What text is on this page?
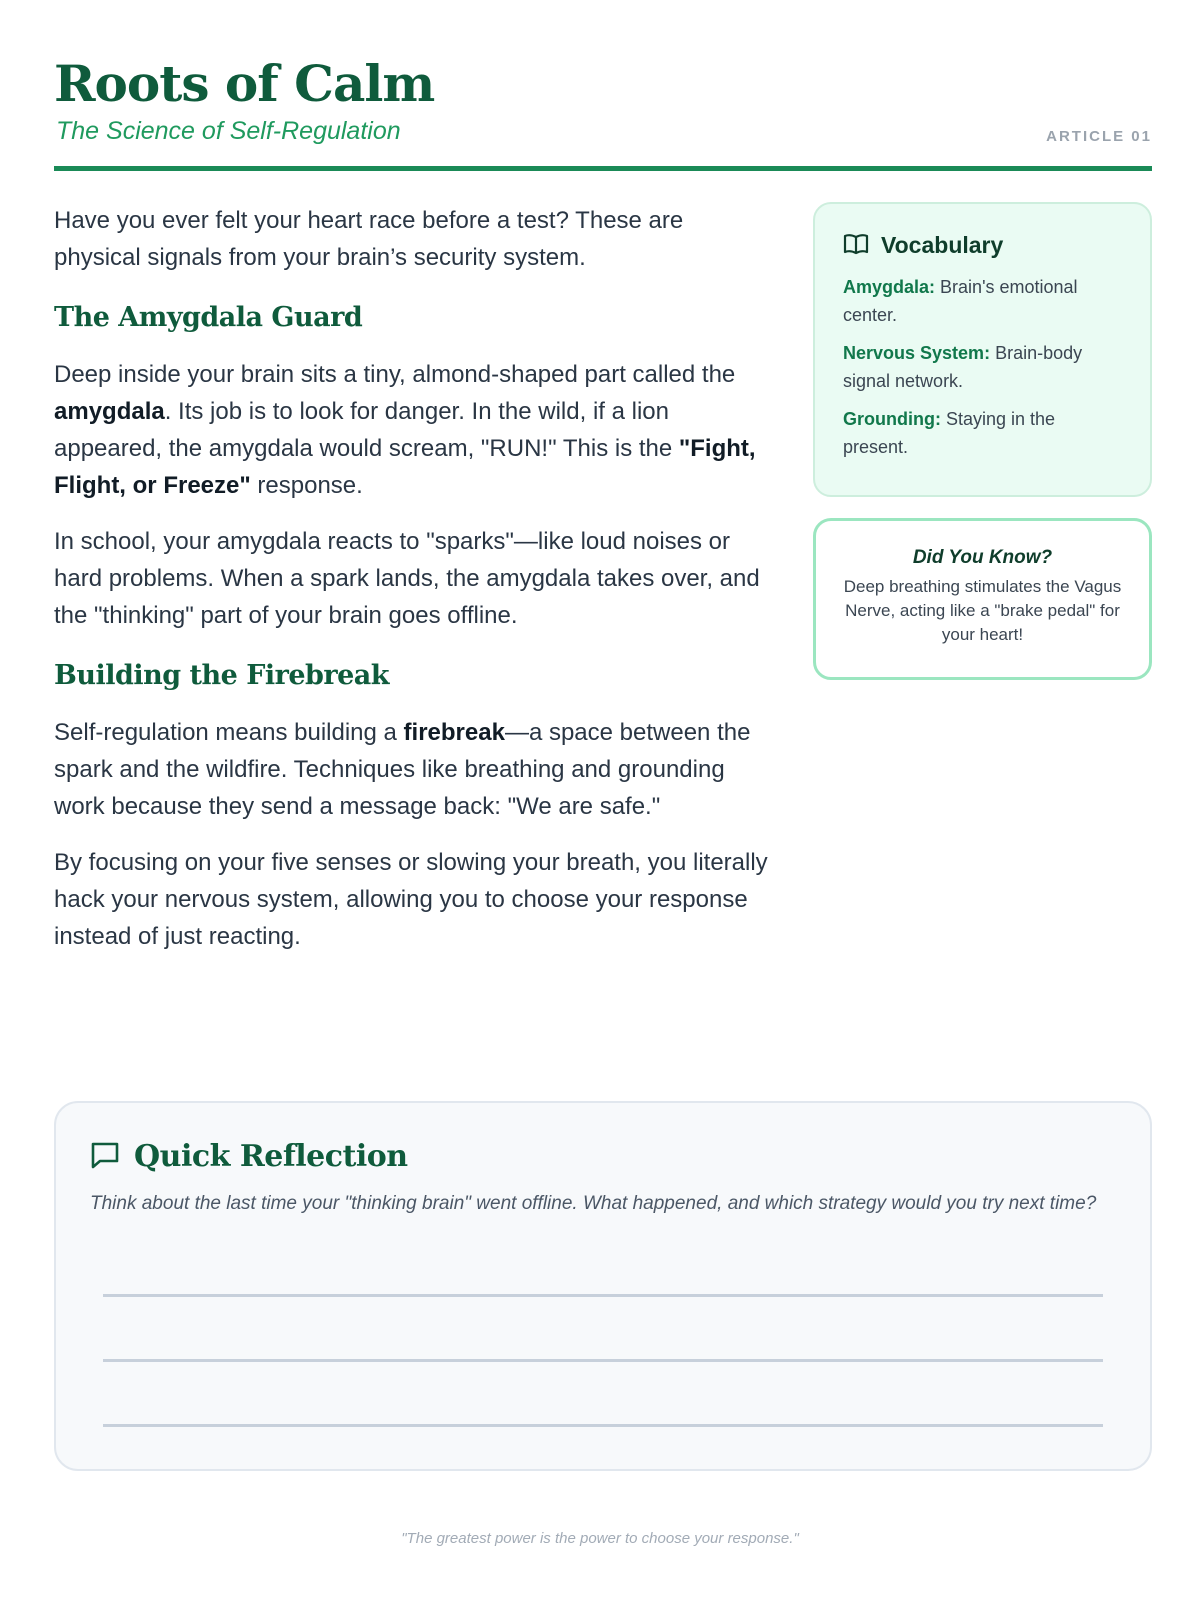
Roots of Calm

The Science of Self-Regulation	ARTICLE 01

Have you ever felt your heart race before a test? These are physical signals from your brain’s security system.

The Amygdala Guard

Deep inside your brain sits a tiny, almond-shaped part called the amygdala. Its job is to look for danger. In the wild, if a lion appeared, the amygdala would scream, "RUN!" This is the "Fight, Flight, or Freeze" response.

In school, your amygdala reacts to "sparks"—like loud noises or hard problems. When a spark lands, the amygdala takes over, and the "thinking" part of your brain goes offline.

Building the Firebreak

Self-regulation means building a firebreak—a space between the spark and the wildfire. Techniques like breathing and grounding work because they send a message back: "We are safe."

By focusing on your five senses or slowing your breath, you literally hack your nervous system, allowing you to choose your response instead of just reacting.

Vocabulary

Amygdala: Brain's emotional center.

Nervous System: Brain-body signal network.

Grounding: Staying in the present.

Did You Know?

Deep breathing stimulates the Vagus Nerve, acting like a "brake pedal" for your heart!

Quick Reflection

Think about the last time your "thinking brain" went offline. What happened, and which strategy would you try next time?

"The greatest power is the power to choose your response."
